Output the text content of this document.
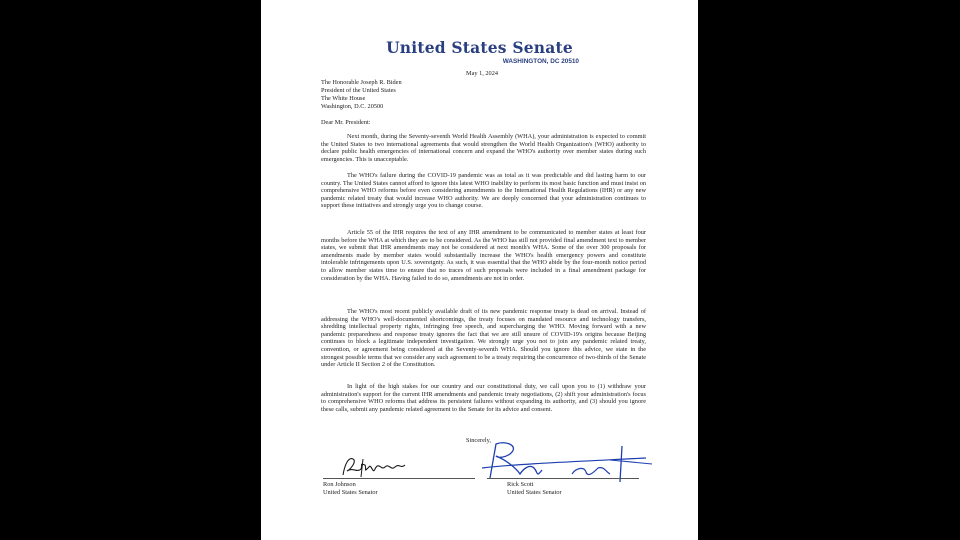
United States Senate
WASHINGTON, DC 20510
May 1, 2024
The Honorable Joseph R. Biden
President of the United States
The White House
Washington, D.C. 20500
Dear Mr. President:
Next month, during the Seventy-seventh World Health Assembly (WHA), your administration is expected to commit the United States to two international agreements that would strengthen the World Health Organization's (WHO) authority to declare public health emergencies of international concern and expand the WHO's authority over member states during such emergencies. This is unacceptable.
The WHO's failure during the COVID-19 pandemic was as total as it was predictable and did lasting harm to our country. The United States cannot afford to ignore this latest WHO inability to perform its most basic function and must insist on comprehensive WHO reforms before even considering amendments to the International Health Regulations (IHR) or any new pandemic related treaty that would increase WHO authority. We are deeply concerned that your administration continues to support these initiatives and strongly urge you to change course.
Article 55 of the IHR requires the text of any IHR amendment to be communicated to member states at least four months before the WHA at which they are to be considered. As the WHO has still not provided final amendment text to member states, we submit that IHR amendments may not be considered at next month's WHA. Some of the over 300 proposals for amendments made by member states would substantially increase the WHO's health emergency powers and constitute intolerable infringements upon U.S. sovereignty. As such, it was essential that the WHO abide by the four-month notice period to allow member states time to ensure that no traces of such proposals were included in a final amendment package for consideration by the WHA. Having failed to do so, amendments are not in order.
The WHO's most recent publicly available draft of its new pandemic response treaty is dead on arrival. Instead of addressing the WHO's well-documented shortcomings, the treaty focuses on mandated resource and technology transfers, shredding intellectual property rights, infringing free speech, and supercharging the WHO. Moving forward with a new pandemic preparedness and response treaty ignores the fact that we are still unsure of COVID-19's origins because Beijing continues to block a legitimate independent investigation. We strongly urge you not to join any pandemic related treaty, convention, or agreement being considered at the Seventy-seventh WHA. Should you ignore this advice, we state in the strongest possible terms that we consider any such agreement to be a treaty requiring the concurrence of two-thirds of the Senate under Article II Section 2 of the Constitution.
In light of the high stakes for our country and our constitutional duty, we call upon you to (1) withdraw your administration's support for the current IHR amendments and pandemic treaty negotiations, (2) shift your administration's focus to comprehensive WHO reforms that address its persistent failures without expanding its authority, and (3) should you ignore these calls, submit any pandemic related agreement to the Senate for its advice and consent.
Sincerely,
Ron Johnson
United States Senator
Rick Scott
United States Senator
